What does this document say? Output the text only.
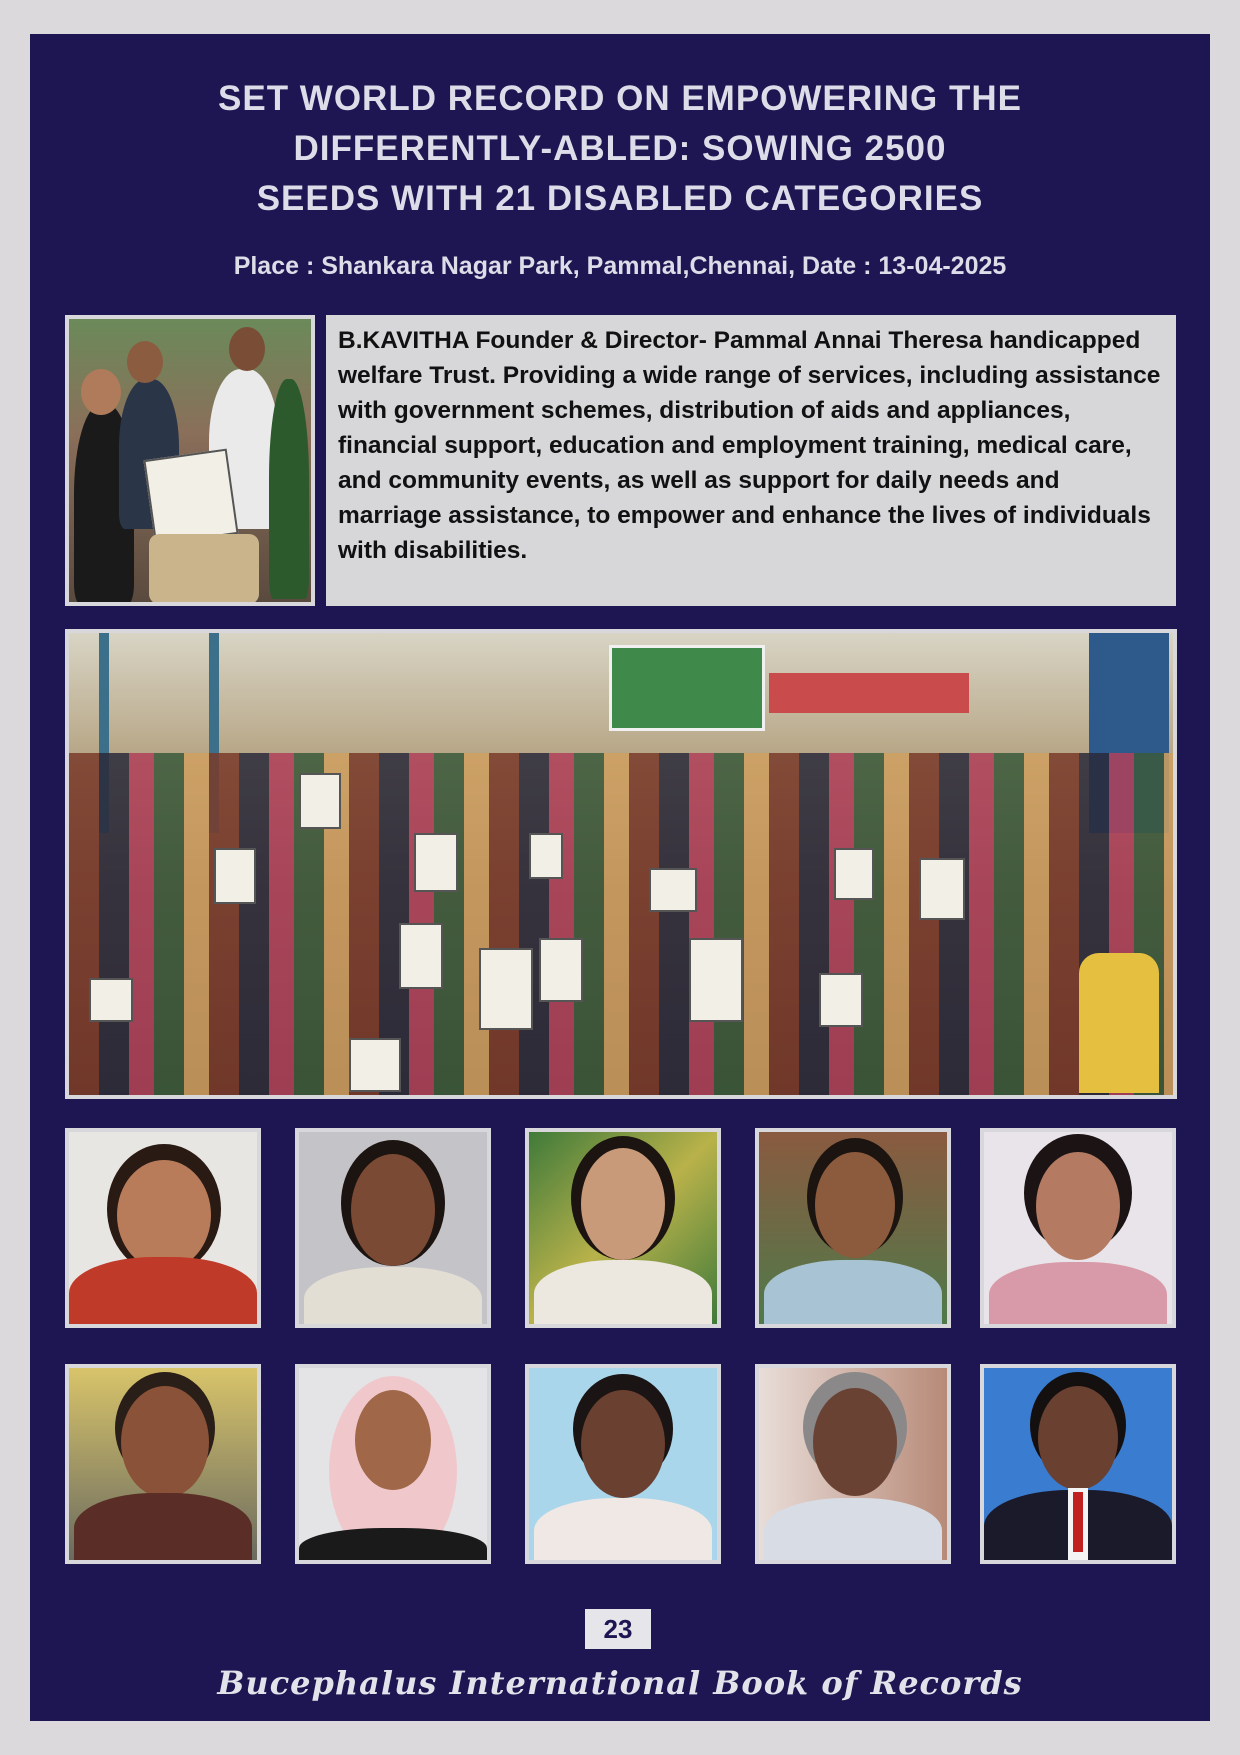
SET WORLD RECORD ON EMPOWERING THE
DIFFERENTLY-ABLED: SOWING 2500
SEEDS WITH 21 DISABLED CATEGORIES
Place : Shankara Nagar Park, Pammal,Chennai, Date : 13-04-2025
B.KAVITHA Founder & Director- Pammal Annai Theresa handicapped welfare Trust. Providing a wide range of services, including assistance with government schemes, distribution of aids and appliances, financial support, education and employment training, medical care, and community events, as well as support for daily needs and marriage assistance, to empower and enhance the lives of individuals with disabilities.
23
Bucephalus International Book of Records
